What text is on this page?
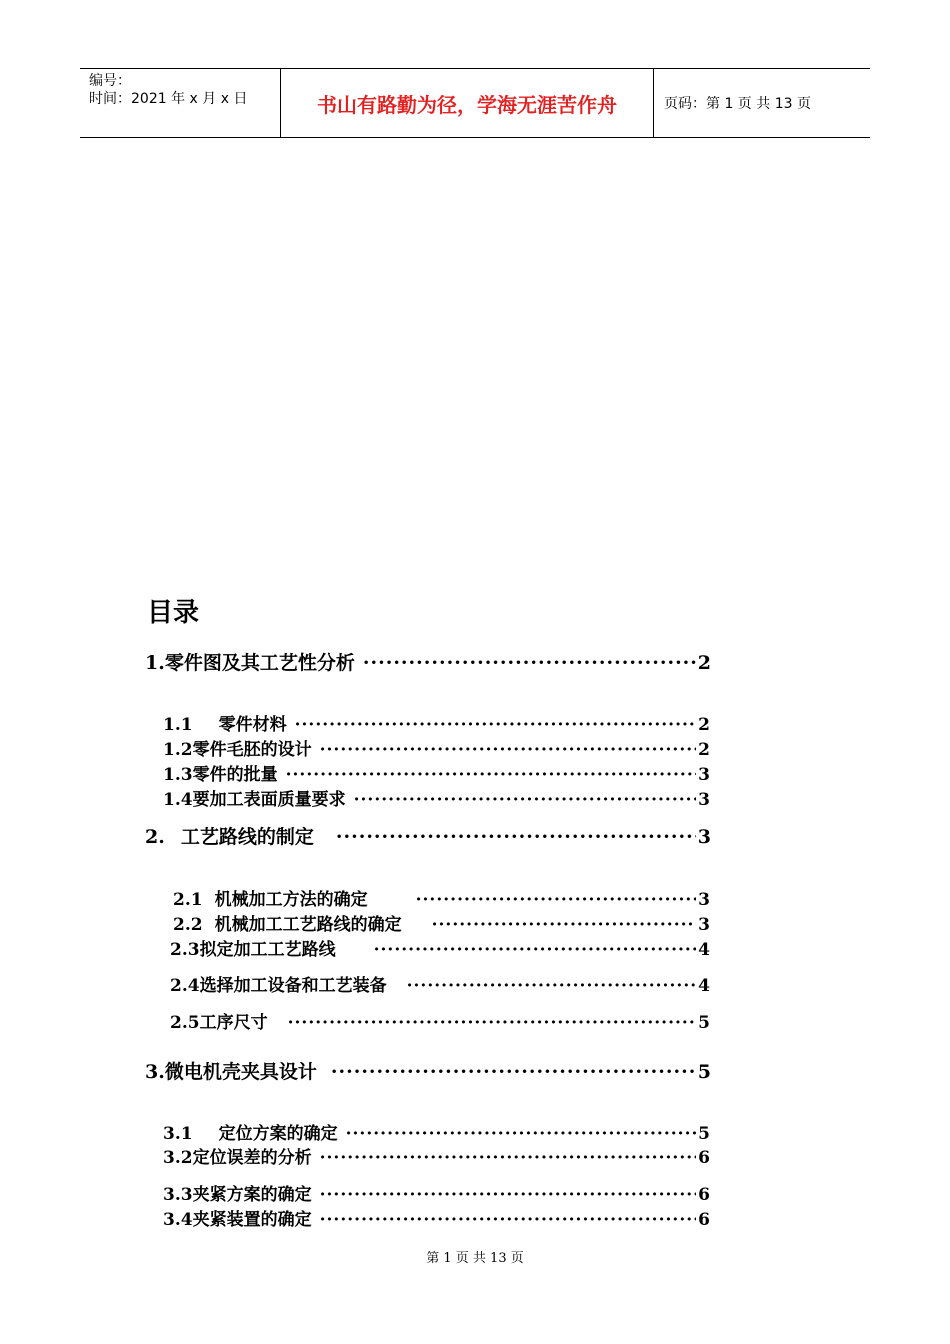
编号：
时间：2021 年 x 月 x 日	书山有路勤为径，学海无涯苦作舟	页码：第 1 页 共 13 页
目录
1. 零件图及其工艺性分析 ·····	2
1.1 零件材料 ·····	2
1.2 零件毛胚的设计 ·····	2
1.3 零件的批量 ·····	3
1.4 要加工表面质量要求 ·····	3
2. 工艺路线的制定 ·····	3
2.1 机械加工方法的确定 ·····	3
2.2 机械加工工艺路线的确定 ·····	3
2.3 拟定加工工艺路线 ·····	4
2.4 选择加工设备和工艺装备 ·····	4
2.5 工序尺寸 ·····	5
3. 微电机壳夹具设计 ·····	5
3.1 定位方案的确定 ·····	5
3.2 定位误差的分析 ·····	6
3.3 夹紧方案的确定 ·····	6
3.4 夹紧装置的确定 ·····	6
第 1 页 共 13 页
